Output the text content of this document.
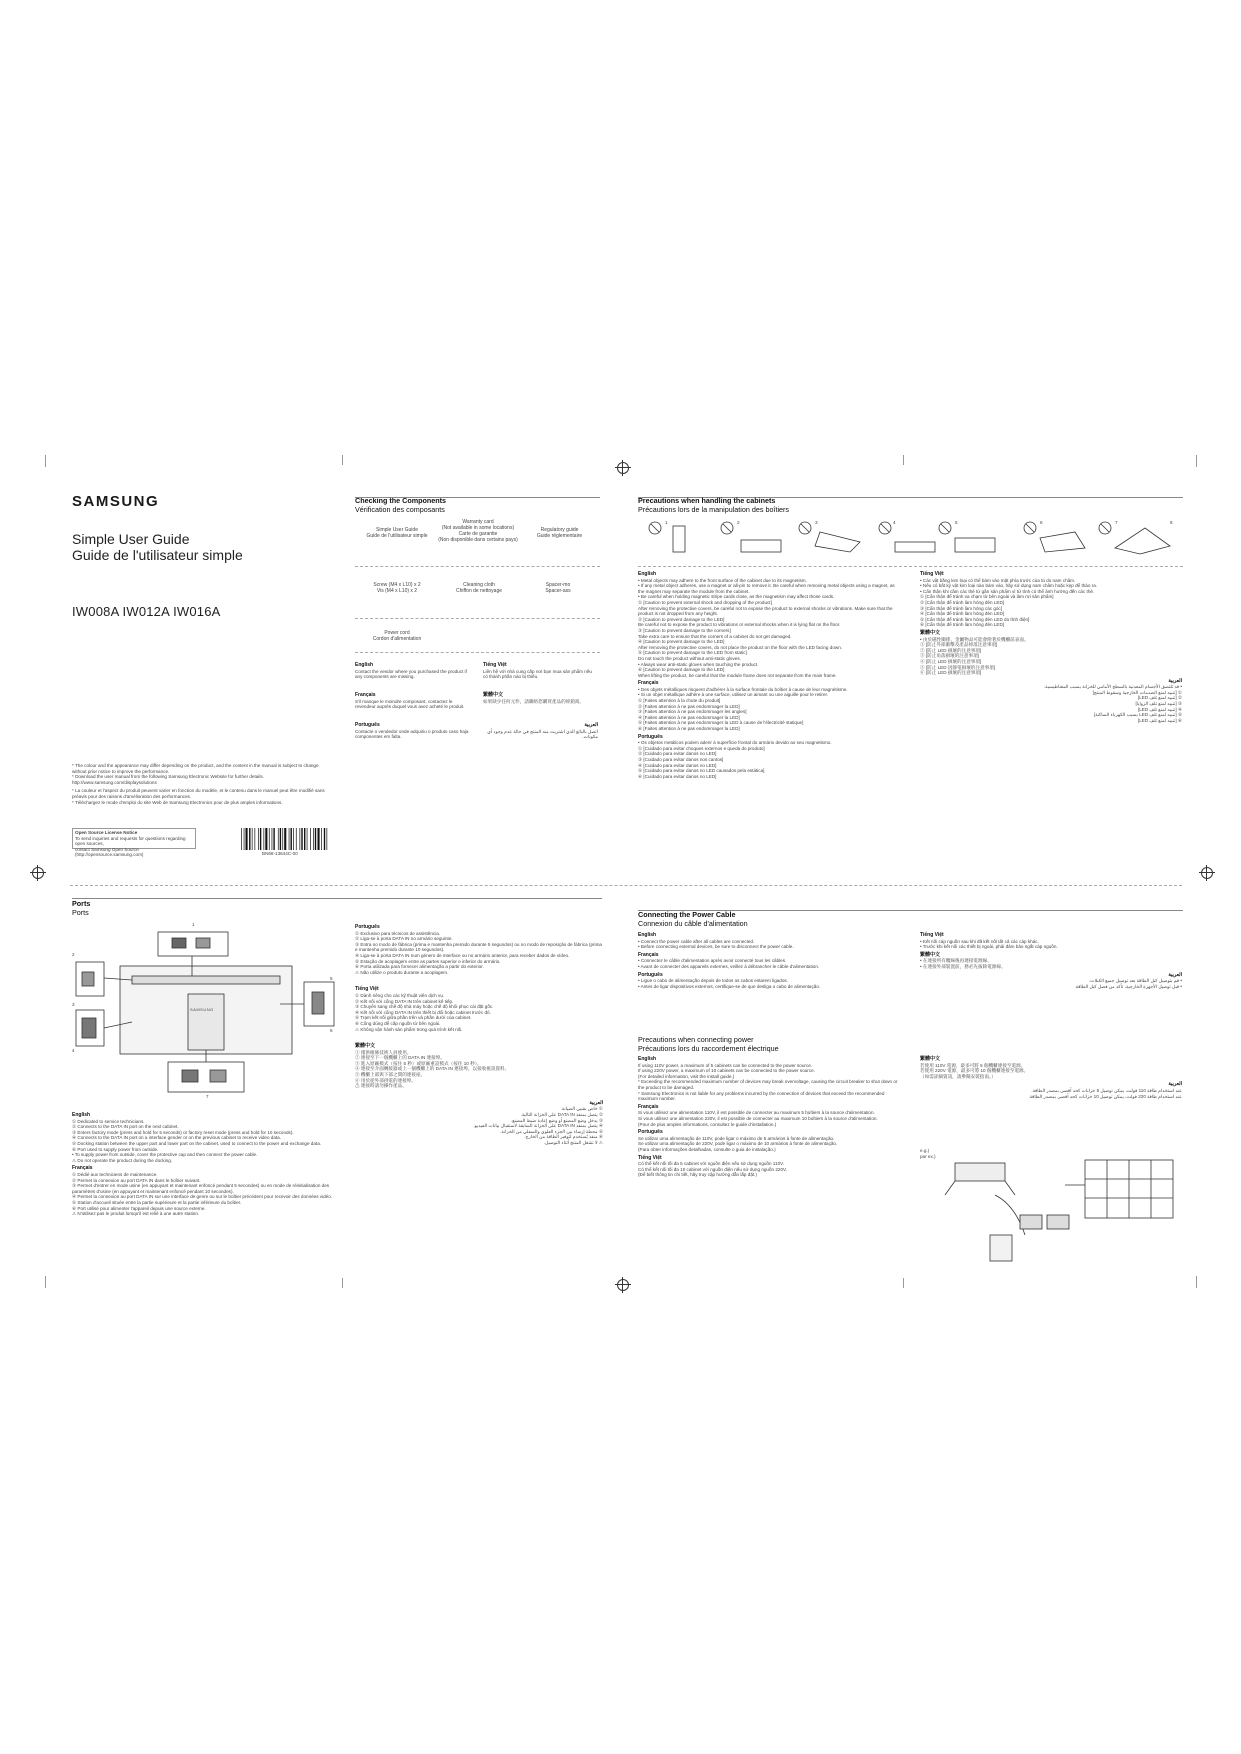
SAMSUNG
Simple User Guide
Guide de l'utilisateur simple
IW008A IW012A IW016A

* The colour and the appearance may differ depending on the product, and the content in the manual is subject to change without prior notice to improve the performance.

* Download the user manual from the following Samsung Electronic Website for further details.

http://www.samsung.com/displaysolutions

* La couleur et l'aspect du produit peuvent varier en fonction du modèle, et le contenu dans le manuel peut être modifié sans préavis pour des raisons d'amélioration des performances.

* Téléchargez le mode d'emploi du site Web de Samsung Electronics pour de plus amples informations.

Open Source License Notice

To send inquiries and requests for questions regarding open sources,

contact Samsung Open Source (http://opensource.samsung.com)	BN68-13644C-00
Checking the Components
Vérification des composants
Simple User Guide
Guide de l'utilisateur simple
Warranty card
(Not available in some locations)
Carte de garantie
(Non disponible dans certains pays)
Regulatory guide
Guide réglementaire
Screw (M4 x L10) x 2
Vis (M4 x L10) x 2
Cleaning cloth
Chiffon de nettoyage
Spacer-mo
Spacer-ass
Power cord
Cordon d'alimentation
English

Contact the vendor where you purchased the product if any components are missing.

Tiếng Việt

Liên hệ với nhà cung cấp nơi bạn mua sản phẩm nếu có thành phần nào bị thiếu.

Français

S'il manque le moindre composant, contactez le revendeur auprès duquel vous avez acheté le produit.

繁體中文

如果缺少任何元件，請聯絡您購買產品的經銷商。

Português

Contacte o vendedor onde adquiriu o produto caso haja componentes em falta.

العربية

اتصل بالبائع الذي اشتريت منه المنتج في حالة عدم وجود أي مكونات.

Precautions when handling the cabinets
Précautions lors de la manipulation des boîtiers
1	2	3	4	5	6	7	8
English
• Metal objects may adhere to the front surface of the cabinet due to its magnetism.
• If any metal object adheres, use a magnet or all-pin to remove it. Be careful when removing metal objects using a magnet, as the magnet may separate the module from the cabinet.
• Be careful when holding magnetic stripe cards close, as the magnetism may affect those cards.
① [Caution to prevent external shock and dropping of the product]
After removing the protective covers, be careful not to expose the product to external shocks or vibrations. Make sure that the product is not dropped from any height.
② [Caution to prevent damage to the LED]
Be careful not to expose the product to vibrations or external shocks when it is lying flat on the floor.
③ [Caution to prevent damage to the corners]
Take extra care to ensure that the corners of a cabinet do not get damaged.
④ [Caution to prevent damage to the LED]
After removing the protective covers, do not place the product on the floor with the LED facing down.
⑤ [Caution to prevent damage to the LED from static]
Do not touch the product without anti-static gloves.
• Always wear anti-static gloves when touching the product.
⑥ [Caution to prevent damage to the LED]
When lifting the product, be careful that the module frame does not separate from the main frame.
Français
• Des objets métalliques risquent d'adhérer à la surface frontale du boîtier à cause de leur magnétisme.
• Si un objet métallique adhère à une surface, utilisez un aimant ou une aiguille pour le retirer.
① [Faites attention à la chute du produit]
② [Faites attention à ne pas endommager la LED]
③ [Faites attention à ne pas endommager les angles]
④ [Faites attention à ne pas endommager la LED]
⑤ [Faites attention à ne pas endommager la LED à cause de l'électricité statique]
⑥ [Faites attention à ne pas endommager la LED]
Português
• Os objetos metálicos podem aderir à superfície frontal do armário devido ao seu magnetismo.
① [Cuidado para evitar choques externos e queda do produto]
② [Cuidado para evitar danos no LED]
③ [Cuidado para evitar danos nos cantos]
④ [Cuidado para evitar danos no LED]
⑤ [Cuidado para evitar danos no LED causados pela estática]
⑥ [Cuidado para evitar danos no LED]
Tiếng Việt
• Các vật bằng kim loại có thể bám vào mặt phía trước của tủ do nam châm.
• Nếu có bất kỳ vật kim loại nào bám vào, hãy sử dụng nam châm hoặc kẹp để tháo ra.
• Cẩn thận khi cầm các thẻ từ gần sản phẩm vì từ tính có thể ảnh hưởng đến các thẻ.
① [Cẩn thận để tránh va chạm từ bên ngoài và làm rơi sản phẩm]
② [Cẩn thận để tránh làm hỏng đèn LED]
③ [Cẩn thận để tránh làm hỏng các góc]
④ [Cẩn thận để tránh làm hỏng đèn LED]
⑤ [Cẩn thận để tránh làm hỏng đèn LED do tĩnh điện]
⑥ [Cẩn thận để tránh làm hỏng đèn LED]
繁體中文
• 由於磁性關係，金屬物品可能會附著於機櫃前表面。
① [防止外部衝擊及產品掉落注意事項]
② [防止 LED 損壞的注意事項]
③ [防止角落損壞的注意事項]
④ [防止 LED 損壞的注意事項]
⑤ [防止 LED 因靜電損壞的注意事項]
⑥ [防止 LED 損壞的注意事項]
العربية
• قد تلتصق الأجسام المعدنية بالسطح الأمامي للخزانة بسبب المغناطيسية.
① [تنبيه لمنع الصدمات الخارجية وسقوط المنتج]
② [تنبيه لمنع تلف LED]
③ [تنبيه لمنع تلف الزوايا]
④ [تنبيه لمنع تلف LED]
⑤ [تنبيه لمنع تلف LED بسبب الكهرباء الساكنة]
⑥ [تنبيه لمنع تلف LED]
Ports
Ports
SAMSUNG
1
2
3
4
5
6
7
English
① Dedicated to service technicians.
② Connects to the DATA IN port on the next cabinet.
③ Enters factory mode (press and hold for 5 seconds) or factory reset mode (press and hold for 10 seconds).
④ Connects to the DATA IN port on a interface gender or on the previous cabinet to receive video data.
⑤ Docking station between the upper part and lower part on the cabinet, used to connect to the power and exchange data.
⑥ Port used to supply power from outside.
• To supply power from outside, cover the protective cap and then connect the power cable.
⚠ Do not operate the product during the docking.
Français
① Dédié aux techniciens de maintenance.
② Permet la connexion au port DATA IN dans le boîtier suivant.
③ Permet d'entrer en mode usine (en appuyant et maintenant enfoncé pendant 5 secondes) ou en mode de réinitialisation des paramètres d'usine (en appuyant et maintenant enfoncé pendant 10 secondes).
④ Permet la connexion au port DATA IN sur une interface de genre ou sur le boîtier précédent pour recevoir des données vidéo.
⑤ Station d'accueil située entre la partie supérieure et la partie inférieure du boîtier.
⑥ Port utilisé pour alimenter l'appareil depuis une source externe.
⚠ N'utilisez pas le produit lorsqu'il est relié à une autre station.
Português
① Exclusivo para técnicos de assistência.
② Liga-se à porta DATA IN no armário seguinte.
③ Entra no modo de fábrica (prima e mantenha premido durante 5 segundos) ou no modo de reposição de fábrica (prima e mantenha premido durante 10 segundos).
④ Liga-se à porta DATA IN num género de interface ou no armário anterior, para receber dados de vídeo.
⑤ Estação de acoplagem entre as partes superior e inferior do armário.
⑥ Porta utilizada para fornecer alimentação a partir do exterior.
⚠ Não utilize o produto durante a acoplagem.
Tiếng Việt
① Dành riêng cho các kỹ thuật viên dịch vụ.
② Kết nối với cổng DATA IN trên cabinet kế tiếp.
③ Chuyển sang chế độ nhà máy hoặc chế độ khôi phục cài đặt gốc.
④ Kết nối với cổng DATA IN trên thiết bị đổi hoặc cabinet trước đó.
⑤ Trạm kết nối giữa phần trên và phần dưới của cabinet.
⑥ Cổng dùng để cấp nguồn từ bên ngoài.
⚠ Không vận hành sản phẩm trong quá trình kết nối.
繁體中文
① 僅供維修技術人員使用。
② 連接至下一個機櫃上的 DATA IN 連接埠。
③ 進入原廠模式（按住 5 秒）或原廠重設模式（按住 10 秒）。
④ 連接至介面轉接器或上一個機櫃上的 DATA IN 連接埠，以接收視訊資料。
⑤ 機櫃上部與下部之間的連接座。
⑥ 用於從外部供電的連接埠。
⚠ 連接時請勿操作產品。
العربية
① خاص بفنيي الصيانة.
② يتصل بمنفذ DATA IN على الخزانة التالية.
③ يدخل وضع المصنع أو وضع إعادة ضبط المصنع.
④ يتصل بمنفذ DATA IN على الخزانة السابقة لاستقبال بيانات الفيديو.
⑤ محطة إرساء بين الجزء العلوي والسفلي من الخزانة.
⑥ منفذ يُستخدم لتوفير الطاقة من الخارج.
⚠ لا تشغل المنتج أثناء التوصيل.
Connecting the Power Cable
Connexion du câble d'alimentation
English
• Connect the power cable after all cables are connected.
• Before connecting external devices, be sure to disconnect the power cable.
Français
• Connectez le câble d'alimentation après avoir connecté tous les câbles.
• Avant de connecter des appareils externes, veillez à débrancher le câble d'alimentation.
Português
• Ligue o cabo de alimentação depois de todos os cabos estarem ligados.
• Antes de ligar dispositivos externos, certifique-se de que desliga o cabo de alimentação.
Tiếng Việt
• Kết nối cáp nguồn sau khi đã kết nối tất cả các cáp khác.
• Trước khi kết nối các thiết bị ngoài, phải đảm bảo ngắt cáp nguồn.
繁體中文
• 在連接所有纜線後再連接電源線。
• 在連接外部裝置前，務必先拔除電源線。
العربية
• قم بتوصيل كبل الطاقة بعد توصيل جميع الكبلات.
• قبل توصيل الأجهزة الخارجية، تأكد من فصل كبل الطاقة.
Precautions when connecting power
Précautions lors du raccordement électrique
English
If using 110V power, a maximum of 5 cabinets can be connected to the power source.
If using 220V power, a maximum of 10 cabinets can be connected to the power source.
(For detailed information, visit the install guide.)
* Exceeding the recommended maximum number of devices may break overvoltage, causing the circuit breaker to shut down or the product to be damaged.
* Samsung Electronics is not liable for any problems incurred by the connection of devices that exceed the recommended maximum number.
Français
Si vous utilisez une alimentation 110V, il est possible de connecter au maximum 5 boîtiers à la source d'alimentation.
Si vous utilisez une alimentation 220V, il est possible de connecter au maximum 10 boîtiers à la source d'alimentation.
(Pour de plus amples informations, consultez le guide d'installation.)
Português
Se utilizar uma alimentação de 110V, pode ligar o máximo de 5 armários à fonte de alimentação.
Se utilizar uma alimentação de 220V, pode ligar o máximo de 10 armários à fonte de alimentação.
(Para obter informações detalhadas, consulte o guia de instalação.)
Tiếng Việt
Có thể kết nối tối đa 5 cabinet với nguồn điện nếu sử dụng nguồn 110V.
Có thể kết nối tối đa 10 cabinet với nguồn điện nếu sử dụng nguồn 220V.
(Để biết thông tin chi tiết, hãy truy cập hướng dẫn lắp đặt.)
繁體中文
若使用 110V 電源，最多可將 5 個機櫃連接至電源。
若使用 220V 電源，最多可將 10 個機櫃連接至電源。
（如需詳細資訊，請參閱安裝指南。）
العربية
عند استخدام طاقة 110 فولت، يمكن توصيل 5 خزانات كحد أقصى بمصدر الطاقة.
عند استخدام طاقة 220 فولت، يمكن توصيل 10 خزانات كحد أقصى بمصدر الطاقة.
e.g.)
par ex.)
